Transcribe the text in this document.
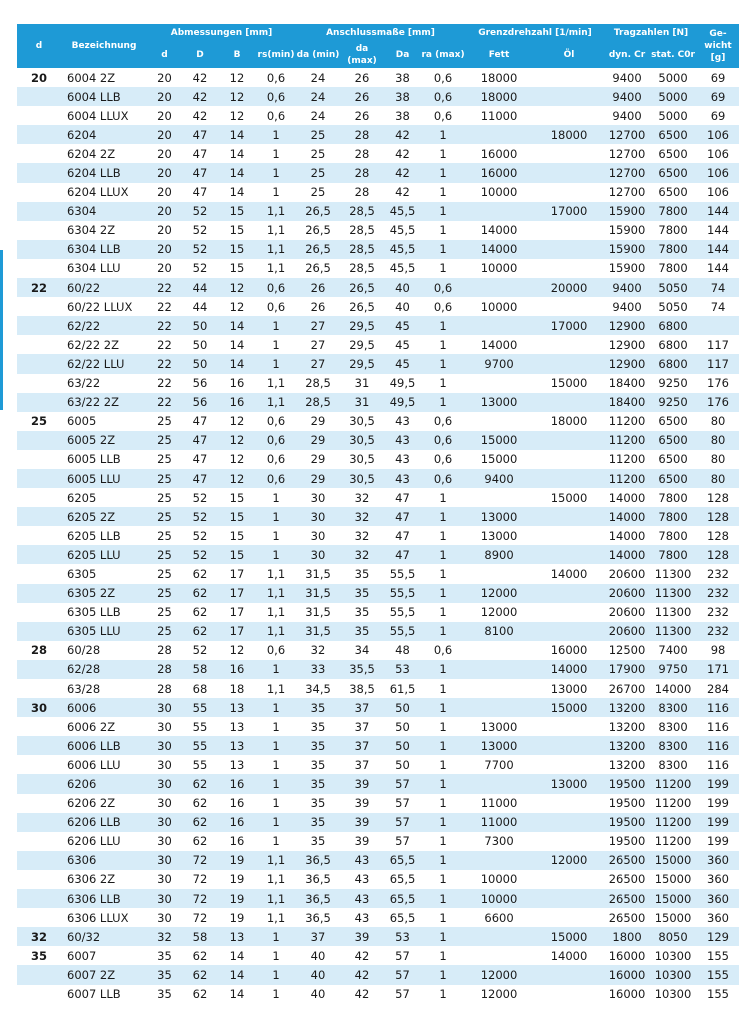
d	Bezeichnung	Abmessungen [mm]				Anschlussmaße [mm]				Grenzdrehzahl [1/min]		Tragzahlen [N]		Ge-wicht [g]
		d	D	B	rs(min)	da (min)	da (max)	Da	ra (max)	Fett	Öl	dyn. Cr	stat. C0r	
20	6004 2Z	20	42	12	0,6	24	26	38	0,6	18000		9400	5000	69
	6004 LLB	20	42	12	0,6	24	26	38	0,6	18000		9400	5000	69
	6004 LLUX	20	42	12	0,6	24	26	38	0,6	11000		9400	5000	69
	6204	20	47	14	1	25	28	42	1		18000	12700	6500	106
	6204 2Z	20	47	14	1	25	28	42	1	16000		12700	6500	106
	6204 LLB	20	47	14	1	25	28	42	1	16000		12700	6500	106
	6204 LLUX	20	47	14	1	25	28	42	1	10000		12700	6500	106
	6304	20	52	15	1,1	26,5	28,5	45,5	1		17000	15900	7800	144
	6304 2Z	20	52	15	1,1	26,5	28,5	45,5	1	14000		15900	7800	144
	6304 LLB	20	52	15	1,1	26,5	28,5	45,5	1	14000		15900	7800	144
	6304 LLU	20	52	15	1,1	26,5	28,5	45,5	1	10000		15900	7800	144
22	60/22	22	44	12	0,6	26	26,5	40	0,6		20000	9400	5050	74
	60/22 LLUX	22	44	12	0,6	26	26,5	40	0,6	10000		9400	5050	74
	62/22	22	50	14	1	27	29,5	45	1		17000	12900	6800	
	62/22 2Z	22	50	14	1	27	29,5	45	1	14000		12900	6800	117
	62/22 LLU	22	50	14	1	27	29,5	45	1	9700		12900	6800	117
	63/22	22	56	16	1,1	28,5	31	49,5	1		15000	18400	9250	176
	63/22 2Z	22	56	16	1,1	28,5	31	49,5	1	13000		18400	9250	176
25	6005	25	47	12	0,6	29	30,5	43	0,6		18000	11200	6500	80
	6005 2Z	25	47	12	0,6	29	30,5	43	0,6	15000		11200	6500	80
	6005 LLB	25	47	12	0,6	29	30,5	43	0,6	15000		11200	6500	80
	6005 LLU	25	47	12	0,6	29	30,5	43	0,6	9400		11200	6500	80
	6205	25	52	15	1	30	32	47	1		15000	14000	7800	128
	6205 2Z	25	52	15	1	30	32	47	1	13000		14000	7800	128
	6205 LLB	25	52	15	1	30	32	47	1	13000		14000	7800	128
	6205 LLU	25	52	15	1	30	32	47	1	8900		14000	7800	128
	6305	25	62	17	1,1	31,5	35	55,5	1		14000	20600	11300	232
	6305 2Z	25	62	17	1,1	31,5	35	55,5	1	12000		20600	11300	232
	6305 LLB	25	62	17	1,1	31,5	35	55,5	1	12000		20600	11300	232
	6305 LLU	25	62	17	1,1	31,5	35	55,5	1	8100		20600	11300	232
28	60/28	28	52	12	0,6	32	34	48	0,6		16000	12500	7400	98
	62/28	28	58	16	1	33	35,5	53	1		14000	17900	9750	171
	63/28	28	68	18	1,1	34,5	38,5	61,5	1		13000	26700	14000	284
30	6006	30	55	13	1	35	37	50	1		15000	13200	8300	116
	6006 2Z	30	55	13	1	35	37	50	1	13000		13200	8300	116
	6006 LLB	30	55	13	1	35	37	50	1	13000		13200	8300	116
	6006 LLU	30	55	13	1	35	37	50	1	7700		13200	8300	116
	6206	30	62	16	1	35	39	57	1		13000	19500	11200	199
	6206 2Z	30	62	16	1	35	39	57	1	11000		19500	11200	199
	6206 LLB	30	62	16	1	35	39	57	1	11000		19500	11200	199
	6206 LLU	30	62	16	1	35	39	57	1	7300		19500	11200	199
	6306	30	72	19	1,1	36,5	43	65,5	1		12000	26500	15000	360
	6306 2Z	30	72	19	1,1	36,5	43	65,5	1	10000		26500	15000	360
	6306 LLB	30	72	19	1,1	36,5	43	65,5	1	10000		26500	15000	360
	6306 LLUX	30	72	19	1,1	36,5	43	65,5	1	6600		26500	15000	360
32	60/32	32	58	13	1	37	39	53	1		15000	1800	8050	129
35	6007	35	62	14	1	40	42	57	1		14000	16000	10300	155
	6007 2Z	35	62	14	1	40	42	57	1	12000		16000	10300	155
	6007 LLB	35	62	14	1	40	42	57	1	12000		16000	10300	155
